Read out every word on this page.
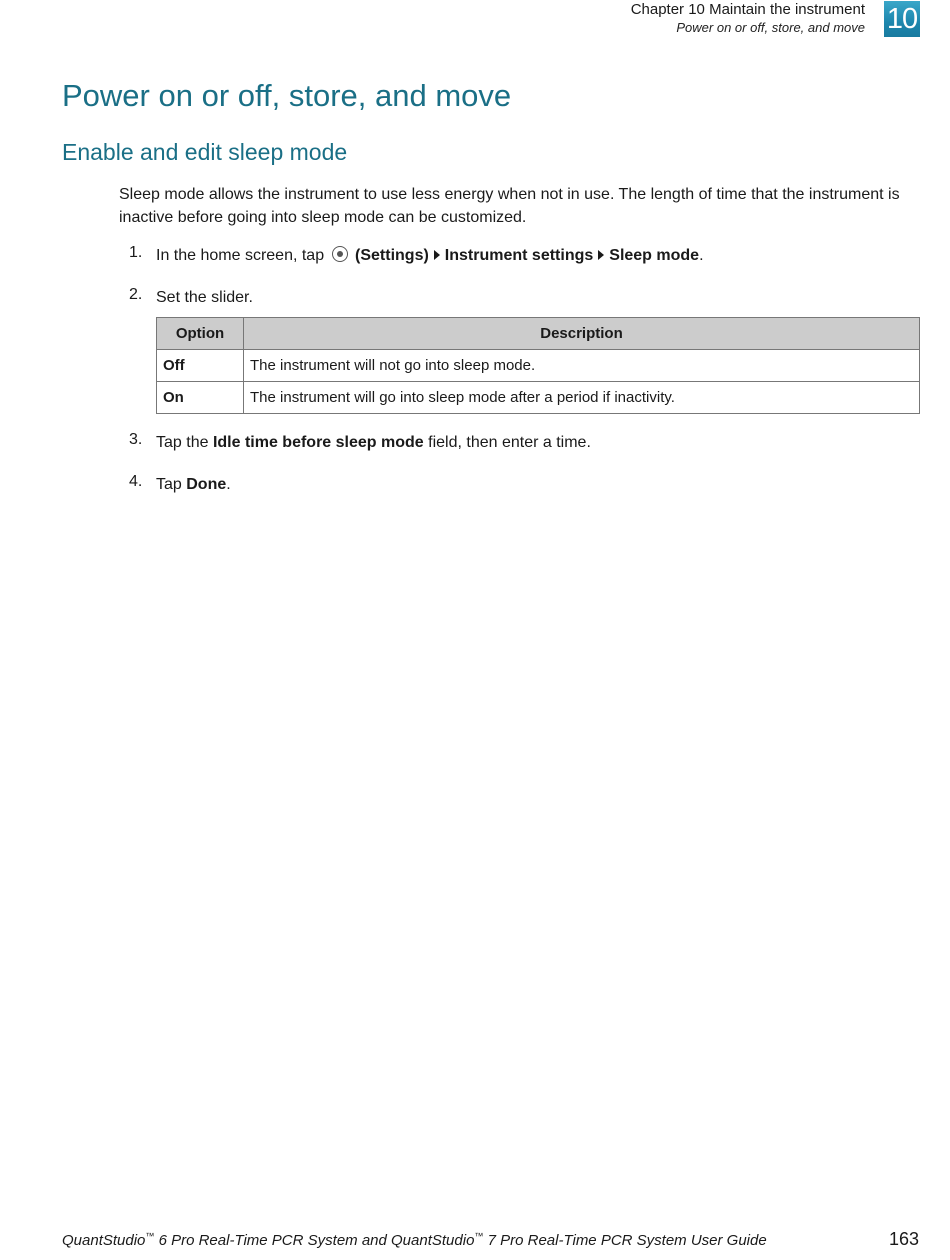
Chapter 10 Maintain the instrument
Power on or off, store, and move 10
Power on or off, store, and move
Enable and edit sleep mode

Sleep mode allows the instrument to use less energy when not in use. The length of time that the instrument is inactive before going into sleep mode can be customized.

1. In the home screen, tap (Settings) Instrument settings Sleep mode.
2. Set the slider.
Option	Description
Off	The instrument will not go into sleep mode.
On	The instrument will go into sleep mode after a period if inactivity.
3. Tap the Idle time before sleep mode field, then enter a time.
4. Tap Done.
QuantStudio™ 6 Pro Real-Time PCR System and QuantStudio™ 7 Pro Real-Time PCR System User Guide	163
